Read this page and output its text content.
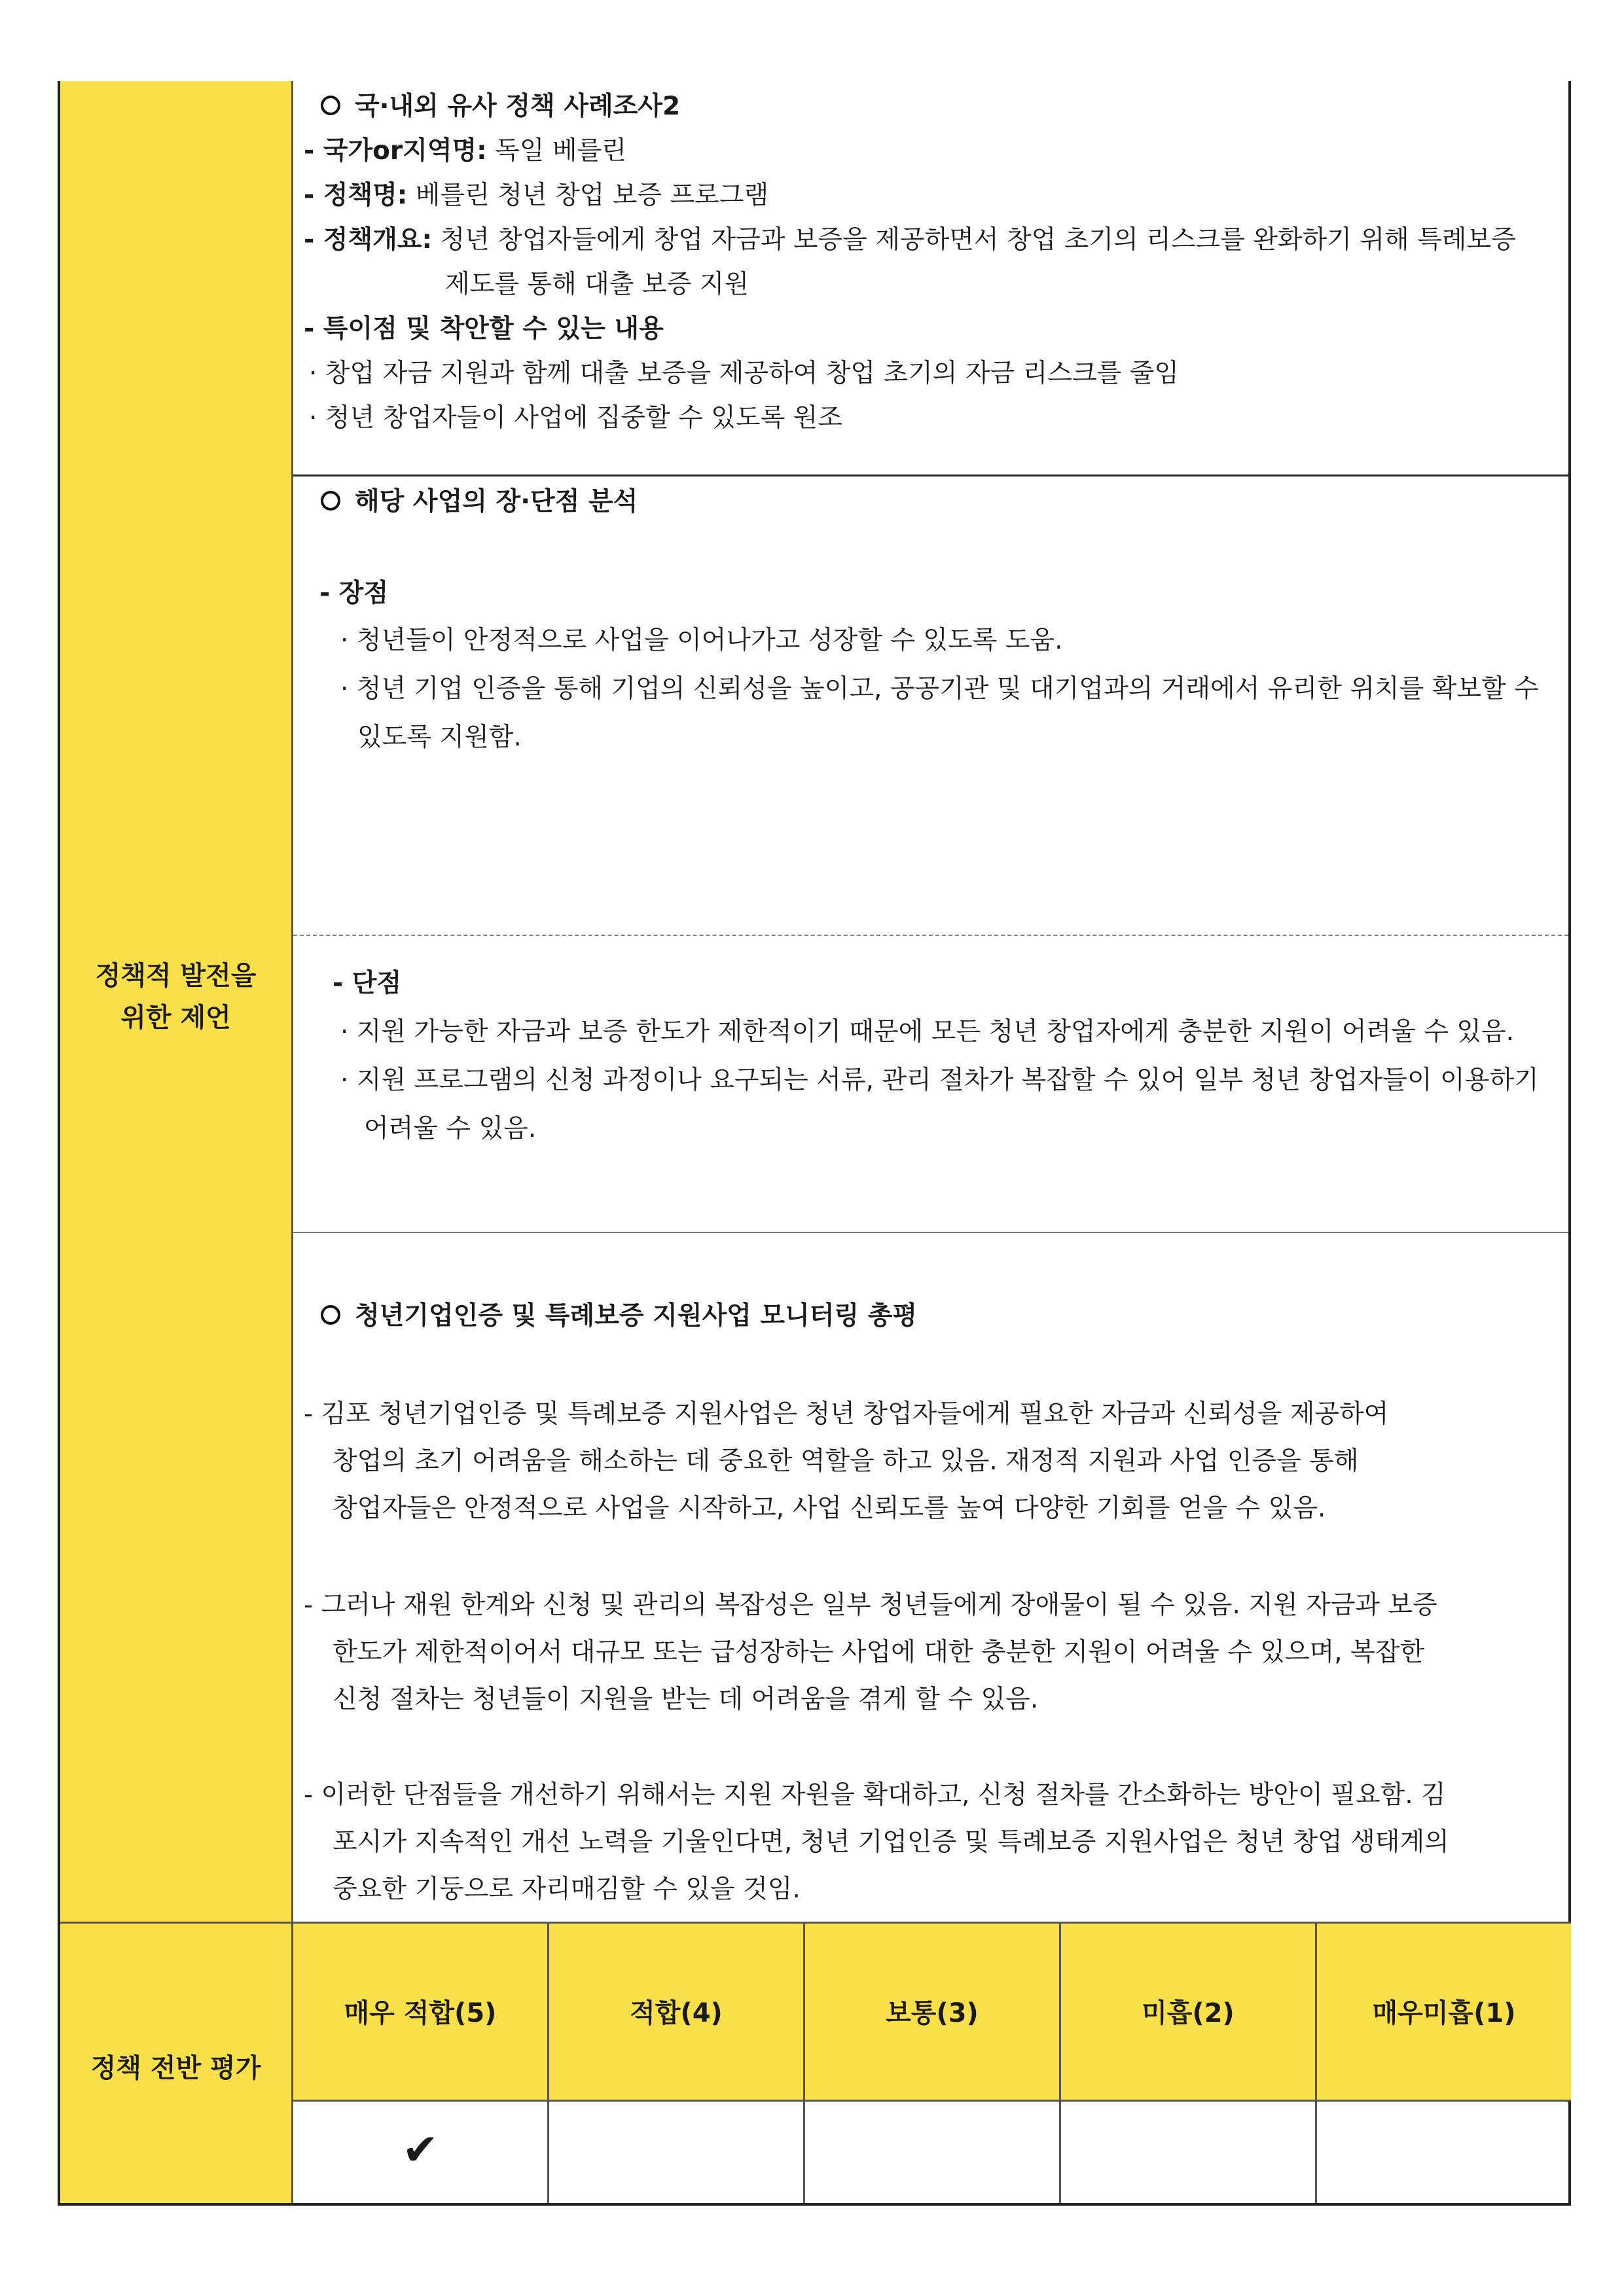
정책적 발전을
위한 제언
정책 전반 평가
국·내외 유사 정책 사례조사2
- 국가or지역명: 독일 베를린
- 정책명: 베를린 청년 창업 보증 프로그램
- 정책개요: 청년 창업자들에게 창업 자금과 보증을 제공하면서 창업 초기의 리스크를 완화하기 위해 특례보증
제도를 통해 대출 보증 지원
- 특이점 및 착안할 수 있는 내용
· 창업 자금 지원과 함께 대출 보증을 제공하여 창업 초기의 자금 리스크를 줄임
· 청년 창업자들이 사업에 집중할 수 있도록 원조
해당 사업의 장·단점 분석
- 장점
· 청년들이 안정적으로 사업을 이어나가고 성장할 수 있도록 도움.
· 청년 기업 인증을 통해 기업의 신뢰성을 높이고, 공공기관 및 대기업과의 거래에서 유리한 위치를 확보할 수
있도록 지원함.
- 단점
· 지원 가능한 자금과 보증 한도가 제한적이기 때문에 모든 청년 창업자에게 충분한 지원이 어려울 수 있음.
· 지원 프로그램의 신청 과정이나 요구되는 서류, 관리 절차가 복잡할 수 있어 일부 청년 창업자들이 이용하기
어려울 수 있음.
청년기업인증 및 특례보증 지원사업 모니터링 총평
- 김포 청년기업인증 및 특례보증 지원사업은 청년 창업자들에게 필요한 자금과 신뢰성을 제공하여
창업의 초기 어려움을 해소하는 데 중요한 역할을 하고 있음. 재정적 지원과 사업 인증을 통해
창업자들은 안정적으로 사업을 시작하고, 사업 신뢰도를 높여 다양한 기회를 얻을 수 있음.
- 그러나 재원 한계와 신청 및 관리의 복잡성은 일부 청년들에게 장애물이 될 수 있음. 지원 자금과 보증
한도가 제한적이어서 대규모 또는 급성장하는 사업에 대한 충분한 지원이 어려울 수 있으며, 복잡한
신청 절차는 청년들이 지원을 받는 데 어려움을 겪게 할 수 있음.
- 이러한 단점들을 개선하기 위해서는 지원 자원을 확대하고, 신청 절차를 간소화하는 방안이 필요함. 김
포시가 지속적인 개선 노력을 기울인다면, 청년 기업인증 및 특례보증 지원사업은 청년 창업 생태계의
중요한 기둥으로 자리매김할 수 있을 것임.
매우 적합(5)	적합(4)	보통(3)	미흡(2)	매우미흡(1)
✔
